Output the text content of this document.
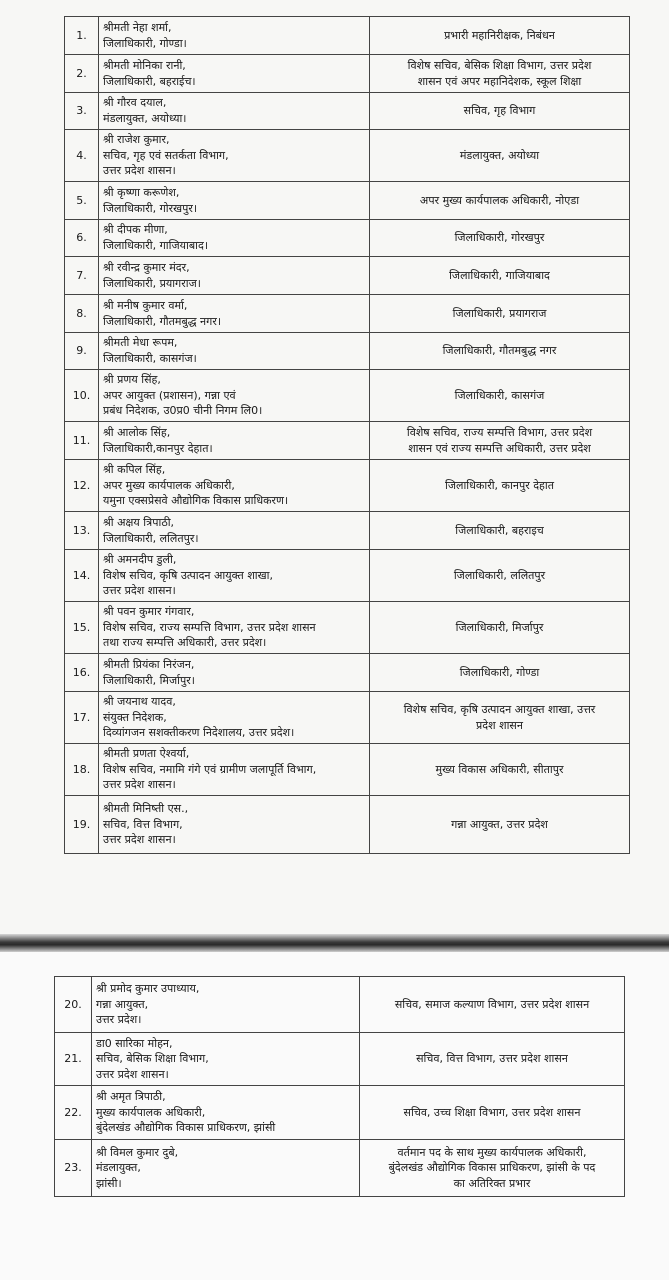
1.	श्रीमती नेहा शर्मा,
जिलाधिकारी, गोण्डा।	प्रभारी महानिरीक्षक, निबंधन

2.	श्रीमती मोनिका रानी,
जिलाधिकारी, बहराईच।	विशेष सचिव, बेसिक शिक्षा विभाग, उत्तर प्रदेश
शासन एवं अपर महानिदेशक, स्कूल शिक्षा

3.	श्री गौरव दयाल,
मंडलायुक्त, अयोध्या।	सचिव, गृह विभाग

4.	श्री राजेश कुमार,
सचिव, गृह एवं सतर्कता विभाग,
उत्तर प्रदेश शासन।	मंडलायुक्त, अयोध्या

5.	श्री कृष्णा करूणेश,
जिलाधिकारी, गोरखपुर।	अपर मुख्य कार्यपालक अधिकारी, नोएडा

6.	श्री दीपक मीणा,
जिलाधिकारी, गाजियाबाद।	जिलाधिकारी, गोरखपुर

7.	श्री रवीन्द्र कुमार मंदर,
जिलाधिकारी, प्रयागराज।	जिलाधिकारी, गाजियाबाद

8.	श्री मनीष कुमार वर्मा,
जिलाधिकारी, गौतमबुद्ध नगर।	जिलाधिकारी, प्रयागराज

9.	श्रीमती मेधा रूपम,
जिलाधिकारी, कासगंज।	जिलाधिकारी, गौतमबुद्ध नगर

10.	श्री प्रणय सिंह,
अपर आयुक्त (प्रशासन), गन्ना एवं
प्रबंध निदेशक, उ0प्र0 चीनी निगम लि0।	जिलाधिकारी, कासगंज

11.	श्री आलोक सिंह,
जिलाधिकारी,कानपुर देहात।	विशेष सचिव, राज्य सम्पत्ति विभाग, उत्तर प्रदेश
शासन एवं राज्य सम्पत्ति अधिकारी, उत्तर प्रदेश

12.	श्री कपिल सिंह,
अपर मुख्य कार्यपालक अधिकारी,
यमुना एक्सप्रेसवे औद्योगिक विकास प्राधिकरण।	जिलाधिकारी, कानपुर देहात

13.	श्री अक्षय त्रिपाठी,
जिलाधिकारी, ललितपुर।	जिलाधिकारी, बहराइच

14.	श्री अमनदीप डुली,
विशेष सचिव, कृषि उत्पादन आयुक्त शाखा,
उत्तर प्रदेश शासन।	जिलाधिकारी, ललितपुर

15.	श्री पवन कुमार गंगवार,
विशेष सचिव, राज्य सम्पत्ति विभाग, उत्तर प्रदेश शासन
तथा राज्य सम्पत्ति अधिकारी, उत्तर प्रदेश।	जिलाधिकारी, मिर्जापुर

16.	श्रीमती प्रियंका निरंजन,
जिलाधिकारी, मिर्जापुर।	जिलाधिकारी, गोण्डा

17.	श्री जयनाथ यादव,
संयुक्त निदेशक,
दिव्यांगजन सशक्तीकरण निदेशालय, उत्तर प्रदेश।	विशेष सचिव, कृषि उत्पादन आयुक्त शाखा, उत्तर
प्रदेश शासन

18.	श्रीमती प्रणता ऐश्वर्या,
विशेष सचिव, नमामि गंगे एवं ग्रामीण जलापूर्ति विभाग,
उत्तर प्रदेश शासन।	मुख्य विकास अधिकारी, सीतापुर

19.	श्रीमती मिनिष्ती एस.,
सचिव, वित्त विभाग,
उत्तर प्रदेश शासन।	गन्ना आयुक्त, उत्तर प्रदेश
20.	श्री प्रमोद कुमार उपाध्याय,
गन्ना आयुक्त,
उत्तर प्रदेश।	सचिव, समाज कल्याण विभाग, उत्तर प्रदेश शासन

21.	डा0 सारिका मोहन,
सचिव, बेसिक शिक्षा विभाग,
उत्तर प्रदेश शासन।	सचिव, वित्त विभाग, उत्तर प्रदेश शासन

22.	श्री अमृत त्रिपाठी,
मुख्य कार्यपालक अधिकारी,
बुंदेलखंड औद्योगिक विकास प्राधिकरण, झांसी	सचिव, उच्च शिक्षा विभाग, उत्तर प्रदेश शासन

23.	श्री विमल कुमार दुबे,
मंडलायुक्त,
झांसी।	वर्तमान पद के साथ मुख्य कार्यपालक अधिकारी,
बुंदेलखंड औद्योगिक विकास प्राधिकरण, झांसी के पद
का अतिरिक्त प्रभार
